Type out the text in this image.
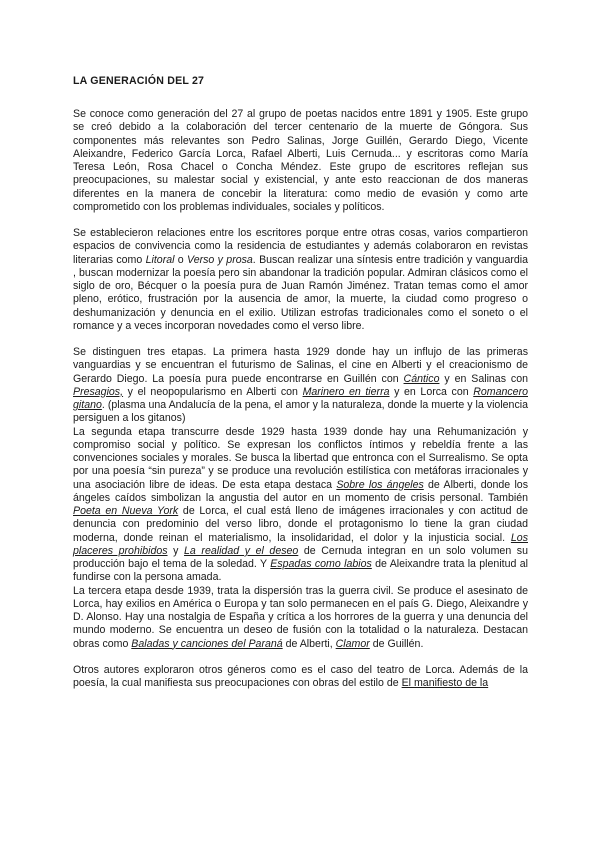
LA GENERACIÓN DEL 27

Se conoce como generación del 27 al grupo de poetas nacidos entre 1891 y 1905. Este grupo se creó debido a la colaboración del tercer centenario de la muerte de Góngora. Sus componentes más relevantes son Pedro Salinas, Jorge Guillén, Gerardo Diego, Vicente Aleixandre, Federico García Lorca, Rafael Alberti, Luis Cernuda... y escritoras como María Teresa León, Rosa Chacel o Concha Méndez. Este grupo de escritores reflejan sus preocupaciones, su malestar social y existencial, y ante esto reaccionan de dos maneras diferentes en la manera de concebir la literatura: como medio de evasión y como arte comprometido con los problemas individuales, sociales y políticos.

Se establecieron relaciones entre los escritores porque entre otras cosas, varios compartieron espacios de convivencia como la residencia de estudiantes y además colaboraron en revistas literarias como Litoral o Verso y prosa. Buscan realizar una síntesis entre tradición y vanguardia , buscan modernizar la poesía pero sin abandonar la tradición popular. Admiran clásicos como el siglo de oro, Bécquer o la poesía pura de Juan Ramón Jiménez. Tratan temas como el amor pleno, erótico, frustración por la ausencia de amor, la muerte, la ciudad como progreso o deshumanización y denuncia en el exilio. Utilizan estrofas tradicionales como el soneto o el romance y a veces incorporan novedades como el verso libre.

Se distinguen tres etapas. La primera hasta 1929 donde hay un influjo de las primeras vanguardias y se encuentran el futurismo de Salinas, el cine en Alberti y el creacionismo de Gerardo Diego. La poesía pura puede encontrarse en Guillén con Cántico y en Salinas con Presagios, y el neopopularismo en Alberti con Marinero en tierra y en Lorca con Romancero gitano. (plasma una Andalucía de la pena, el amor y la naturaleza, donde la muerte y la violencia persiguen a los gitanos)

La segunda etapa transcurre desde 1929 hasta 1939 donde hay una Rehumanización y compromiso social y político. Se expresan los conflictos íntimos y rebeldía frente a las convenciones sociales y morales. Se busca la libertad que entronca con el Surrealismo. Se opta por una poesía “sin pureza” y se produce una revolución estilística con metáforas irracionales y una asociación libre de ideas. De esta etapa destaca Sobre los ángeles de Alberti, donde los ángeles caídos simbolizan la angustia del autor en un momento de crisis personal. También Poeta en Nueva York de Lorca, el cual está lleno de imágenes irracionales y con actitud de denuncia con predominio del verso libro, donde el protagonismo lo tiene la gran ciudad moderna, donde reinan el materialismo, la insolidaridad, el dolor y la injusticia social. Los placeres prohibidos y La realidad y el deseo de Cernuda integran en un solo volumen su producción bajo el tema de la soledad. Y Espadas como labios de Aleixandre trata la plenitud al fundirse con la persona amada.

La tercera etapa desde 1939, trata la dispersión tras la guerra civil. Se produce el asesinato de Lorca, hay exilios en América o Europa y tan solo permanecen en el país G. Diego, Aleixandre y D. Alonso. Hay una nostalgia de España y crítica a los horrores de la guerra y una denuncia del mundo moderno. Se encuentra un deseo de fusión con la totalidad o la naturaleza. Destacan obras como Baladas y canciones del Paraná de Alberti, Clamor de Guillén.

Otros autores exploraron otros géneros como es el caso del teatro de Lorca. Además de la poesía, la cual manifiesta sus preocupaciones con obras del estilo de El manifiesto de la
